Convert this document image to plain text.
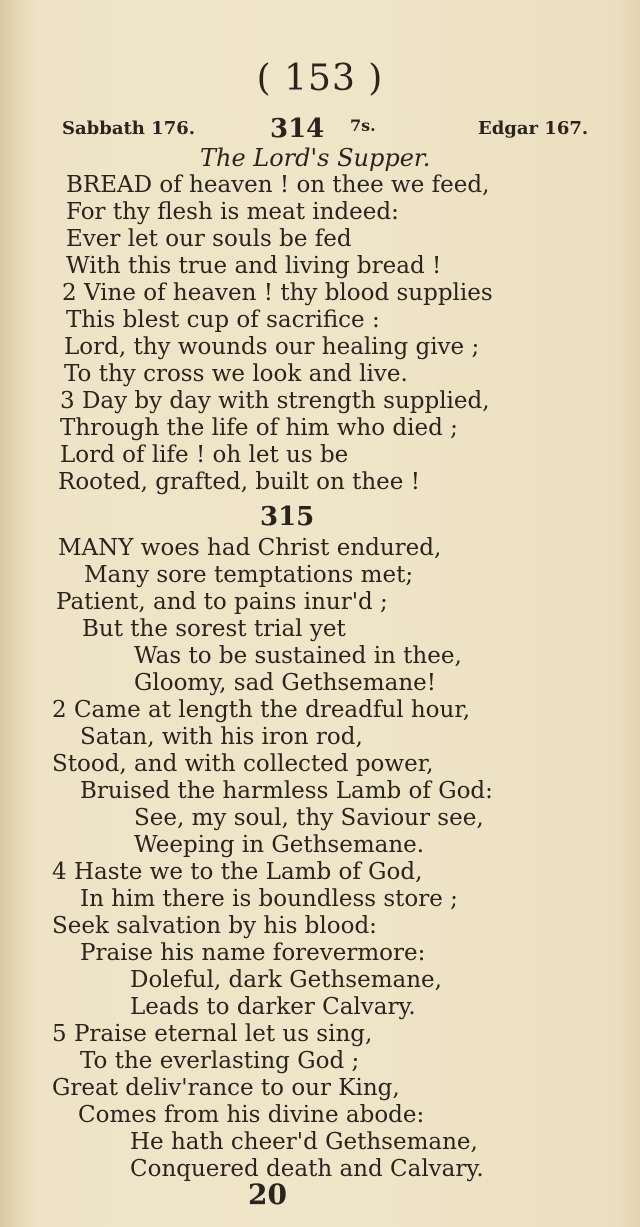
( 153 )
Sabbath 176.	314 7s.	Edgar 167.
The Lord's Supper.
BREAD of heaven ! on thee we feed,
For thy flesh is meat indeed:
Ever let our souls be fed
With this true and living bread !
2 Vine of heaven ! thy blood supplies
This blest cup of sacrifice :
Lord, thy wounds our healing give ;
To thy cross we look and live.
3 Day by day with strength supplied,
Through the life of him who died ;
Lord of life ! oh let us be
Rooted, grafted, built on thee !
315
MANY woes had Christ endured,
Many sore temptations met;
Patient, and to pains inur'd ;
But the sorest trial yet
Was to be sustained in thee,
Gloomy, sad Gethsemane!
2 Came at length the dreadful hour,
Satan, with his iron rod,
Stood, and with collected power,
Bruised the harmless Lamb of God:
See, my soul, thy Saviour see,
Weeping in Gethsemane.
4 Haste we to the Lamb of God,
In him there is boundless store ;
Seek salvation by his blood:
Praise his name forevermore:
Doleful, dark Gethsemane,
Leads to darker Calvary.
5 Praise eternal let us sing,
To the everlasting God ;
Great deliv'rance to our King,
Comes from his divine abode:
He hath cheer'd Gethsemane,
Conquered death and Calvary.
20
